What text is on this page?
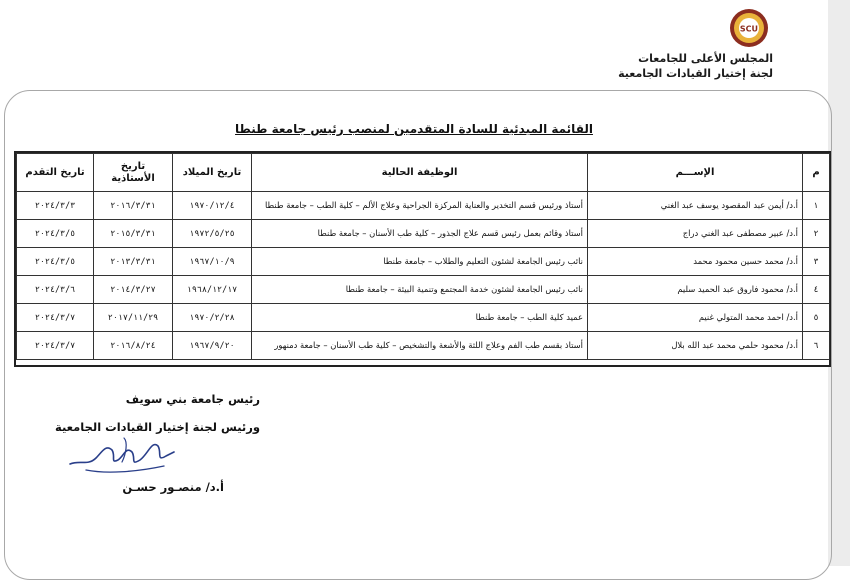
SCU
المجلس الأعلى للجامعات
لجنة إختيار القيادات الجامعية
القائمة المبدئية للسادة المتقدمين لمنصب رئيس جامعة طنطا
م	الإســـم	الوظيفة الحالية	تاريخ الميلاد	تاريخ الأستاذية	تاريخ التقدم
١	أ.د/ أيمن عبد المقصود يوسف عبد الغني	أستاذ ورئيس قسم التخدير والعناية المركزة الجراحية وعلاج الألم – كلية الطب – جامعة طنطا	١٩٧٠/١٢/٤	٢٠١٦/٣/٣١	٢٠٢٤/٣/٣
٢	أ.د/ عبير مصطفى عبد الغني دراج	أستاذ وقائم بعمل رئيس قسم علاج الجذور – كلية طب الأسنان – جامعة طنطا	١٩٧٢/٥/٢٥	٢٠١٥/٣/٣١	٢٠٢٤/٣/٥
٣	أ.د/ محمد حسين محمود محمد	نائب رئيس الجامعة لشئون التعليم والطلاب – جامعة طنطا	١٩٦٧/١٠/٩	٢٠١٣/٣/٣١	٢٠٢٤/٣/٥
٤	أ.د/ محمود فاروق عبد الحميد سليم	نائب رئيس الجامعة لشئون خدمة المجتمع وتنمية البيئة – جامعة طنطا	١٩٦٨/١٢/١٧	٢٠١٤/٣/٢٧	٢٠٢٤/٣/٦
٥	أ.د/ احمد محمد المتولي غنيم	عميد كلية الطب – جامعة طنطا	١٩٧٠/٢/٢٨	٢٠١٧/١١/٢٩	٢٠٢٤/٣/٧
٦	أ.د/ محمود حلمي محمد عبد الله بلال	أستاذ بقسم طب الفم وعلاج اللثة والأشعة والتشخيص – كلية طب الأسنان – جامعة دمنهور	١٩٦٧/٩/٢٠	٢٠١٦/٨/٢٤	٢٠٢٤/٣/٧
رئيس جامعة بني سويف
ورئيس لجنة إختيار القيادات الجامعية
أ.د/ منصـور حسـن
